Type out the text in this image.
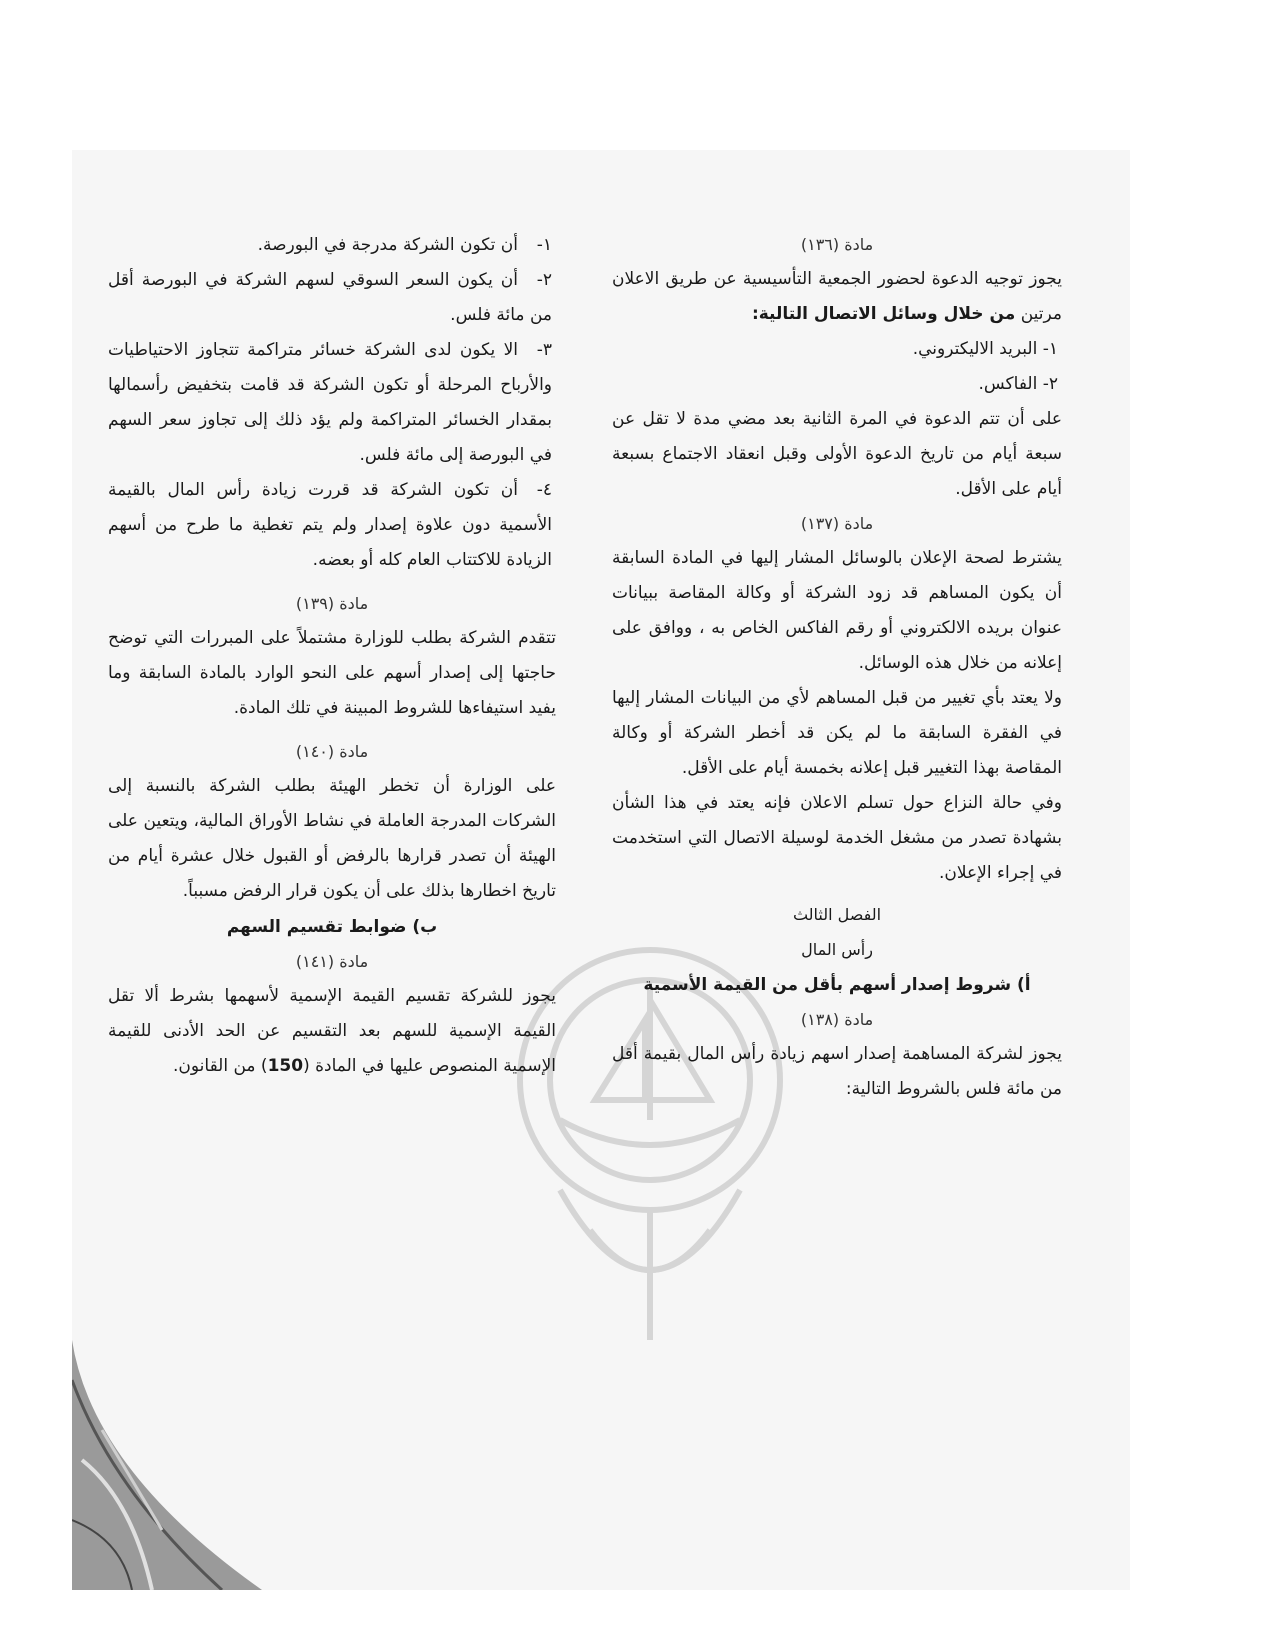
مادة (١٣٦)

يجوز توجيه الدعوة لحضور الجمعية التأسيسية عن طريق الاعلان مرتين من خلال وسائل الاتصال التالية:

١- البريد الاليكتروني.

٢- الفاكس.

على أن تتم الدعوة في المرة الثانية بعد مضي مدة لا تقل عن سبعة أيام من تاريخ الدعوة الأولى وقبل انعقاد الاجتماع بسبعة أيام على الأقل.

مادة (١٣٧)

يشترط لصحة الإعلان بالوسائل المشار إليها في المادة السابقة أن يكون المساهم قد زود الشركة أو وكالة المقاصة ببيانات عنوان بريده الالكتروني أو رقم الفاكس الخاص به ، ووافق على إعلانه من خلال هذه الوسائل.

ولا يعتد بأي تغيير من قبل المساهم لأي من البيانات المشار إليها في الفقرة السابقة ما لم يكن قد أخطر الشركة أو وكالة المقاصة بهذا التغيير قبل إعلانه بخمسة أيام على الأقل.

وفي حالة النزاع حول تسلم الاعلان فإنه يعتد في هذا الشأن بشهادة تصدر من مشغل الخدمة لوسيلة الاتصال التي استخدمت في إجراء الإعلان.

الفصل الثالث
رأس المال
أ) شروط إصدار أسهم بأقل من القيمة الأسمية
مادة (١٣٨)

يجوز لشركة المساهمة إصدار اسهم زيادة رأس المال بقيمة أقل من مائة فلس بالشروط التالية:

١-أن تكون الشركة مدرجة في البورصة.

٢-أن يكون السعر السوقي لسهم الشركة في البورصة أقل من مائة فلس.

٣-الا يكون لدى الشركة خسائر متراكمة تتجاوز الاحتياطيات والأرباح المرحلة أو تكون الشركة قد قامت بتخفيض رأسمالها بمقدار الخسائر المتراكمة ولم يؤد ذلك إلى تجاوز سعر السهم في البورصة إلى مائة فلس.

٤-أن تكون الشركة قد قررت زيادة رأس المال بالقيمة الأسمية دون علاوة إصدار ولم يتم تغطية ما طرح من أسهم الزيادة للاكتتاب العام كله أو بعضه.

مادة (١٣٩)

تتقدم الشركة بطلب للوزارة مشتملاً على المبررات التي توضح حاجتها إلى إصدار أسهم على النحو الوارد بالمادة السابقة وما يفيد استيفاءها للشروط المبينة في تلك المادة.

مادة (١٤٠)

على الوزارة أن تخطر الهيئة بطلب الشركة بالنسبة إلى الشركات المدرجة العاملة في نشاط الأوراق المالية، ويتعين على الهيئة أن تصدر قرارها بالرفض أو القبول خلال عشرة أيام من تاريخ اخطارها بذلك على أن يكون قرار الرفض مسبباً.

ب) ضوابط تقسيم السهم
مادة (١٤١)

يجوز للشركة تقسيم القيمة الإسمية لأسهمها بشرط ألا تقل القيمة الإسمية للسهم بعد التقسيم عن الحد الأدنى للقيمة الإسمية المنصوص عليها في المادة (150) من القانون.
